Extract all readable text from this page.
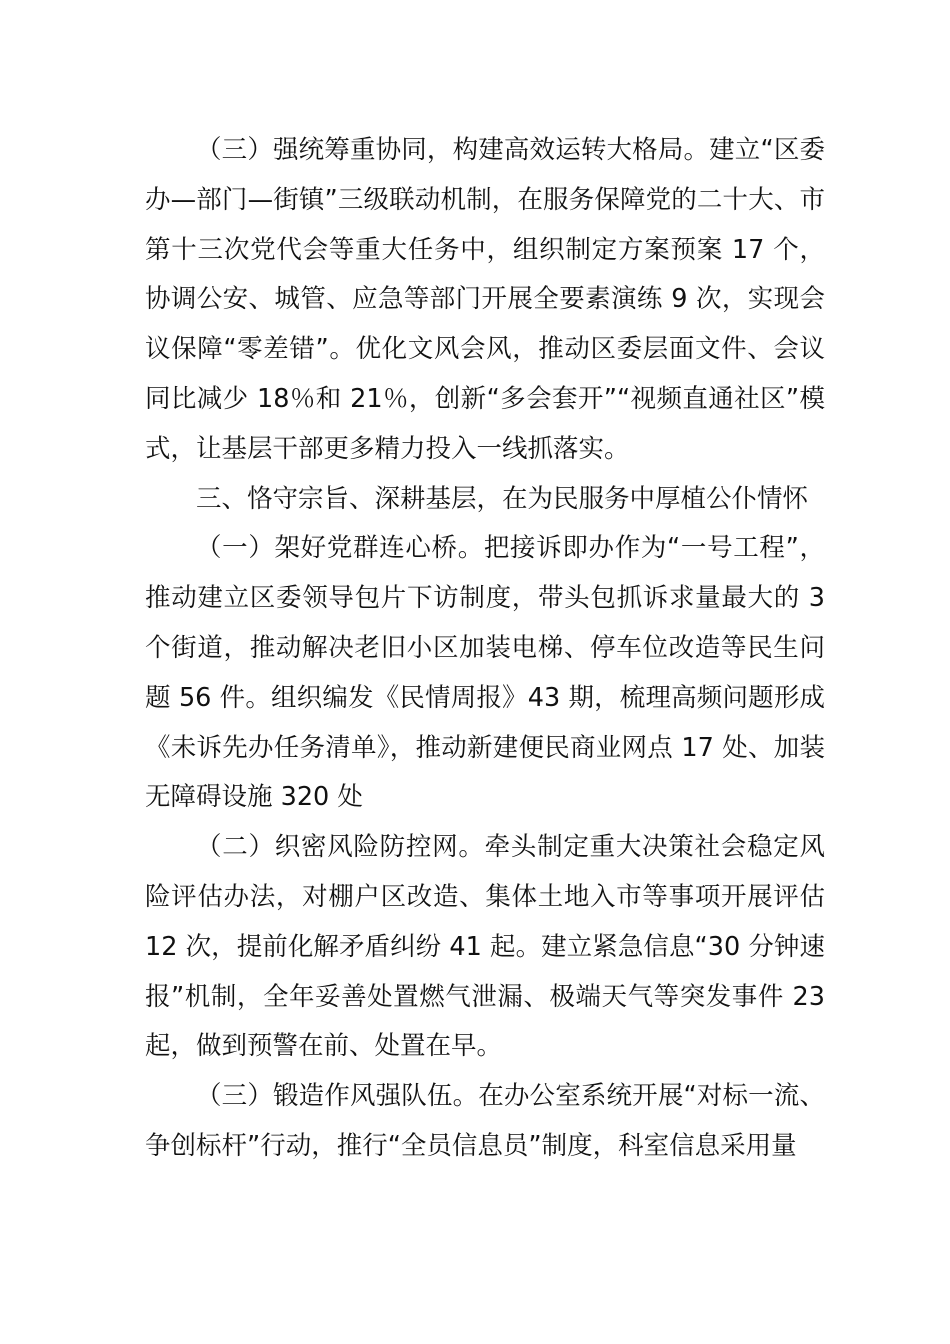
（三）强统筹重协同，构建高效运转大格局。建立“区委办—部门—街镇”三级联动机制，在服务保障党的二十大、市第十三次党代会等重大任务中，组织制定方案预案 17 个，协调公安、城管、应急等部门开展全要素演练 9 次，实现会议保障“零差错”。优化文风会风，推动区委层面文件、会议同比减少 18％和 21％，创新“多会套开”“视频直通社区”模式，让基层干部更多精力投入一线抓落实。

三、恪守宗旨、深耕基层，在为民服务中厚植公仆情怀

（一）架好党群连心桥。把接诉即办作为“一号工程”，推动建立区委领导包片下访制度，带头包抓诉求量最大的 3 个街道，推动解决老旧小区加装电梯、停车位改造等民生问题 56 件。组织编发《民情周报》43 期，梳理高频问题形成《未诉先办任务清单》，推动新建便民商业网点 17 处、加装无障碍设施 320 处

（二）织密风险防控网。牵头制定重大决策社会稳定风险评估办法，对棚户区改造、集体土地入市等事项开展评估 12 次，提前化解矛盾纠纷 41 起。建立紧急信息“30 分钟速报”机制，全年妥善处置燃气泄漏、极端天气等突发事件 23 起，做到预警在前、处置在早。

（三）锻造作风强队伍。在办公室系统开展“对标一流、争创标杆”行动，推行“全员信息员”制度，科室信息采用量
